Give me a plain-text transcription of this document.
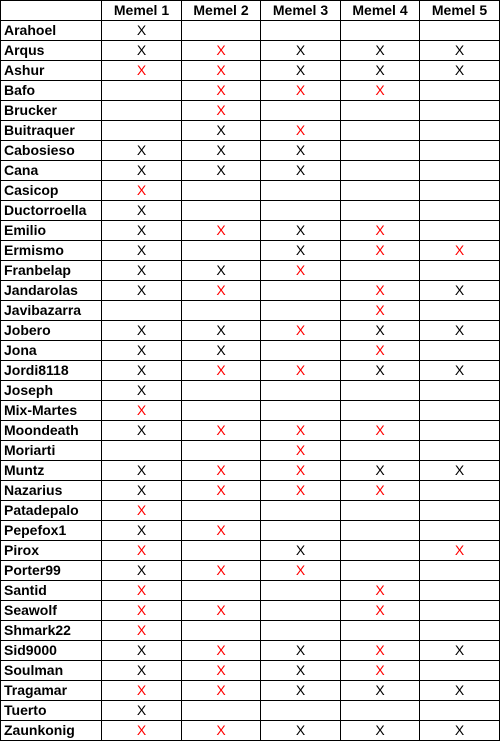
	Memel 1	Memel 2	Memel 3	Memel 4	Memel 5
Arahoel	X				
Arqus	X	X	X	X	X
Ashur	X	X	X	X	X
Bafo		X	X	X	
Brucker		X			
Buitraquer		X	X		
Cabosieso	X	X	X		
Cana	X	X	X		
Casicop	X				
Ductorroella	X				
Emilio	X	X	X	X	
Ermismo	X		X	X	X
Franbelap	X	X	X		
Jandarolas	X	X		X	X
Javibazarra				X	
Jobero	X	X	X	X	X
Jona	X	X		X	
Jordi8118	X	X	X	X	X
Joseph	X				
Mix-Martes	X				
Moondeath	X	X	X	X	
Moriarti			X		
Muntz	X	X	X	X	X
Nazarius	X	X	X	X	
Patadepalo	X				
Pepefox1	X	X			
Pirox	X		X		X
Porter99	X	X	X		
Santid	X			X	
Seawolf	X	X		X	
Shmark22	X				
Sid9000	X	X	X	X	X
Soulman	X	X	X	X	
Tragamar	X	X	X	X	X
Tuerto	X				
Zaunkonig	X	X	X	X	X
